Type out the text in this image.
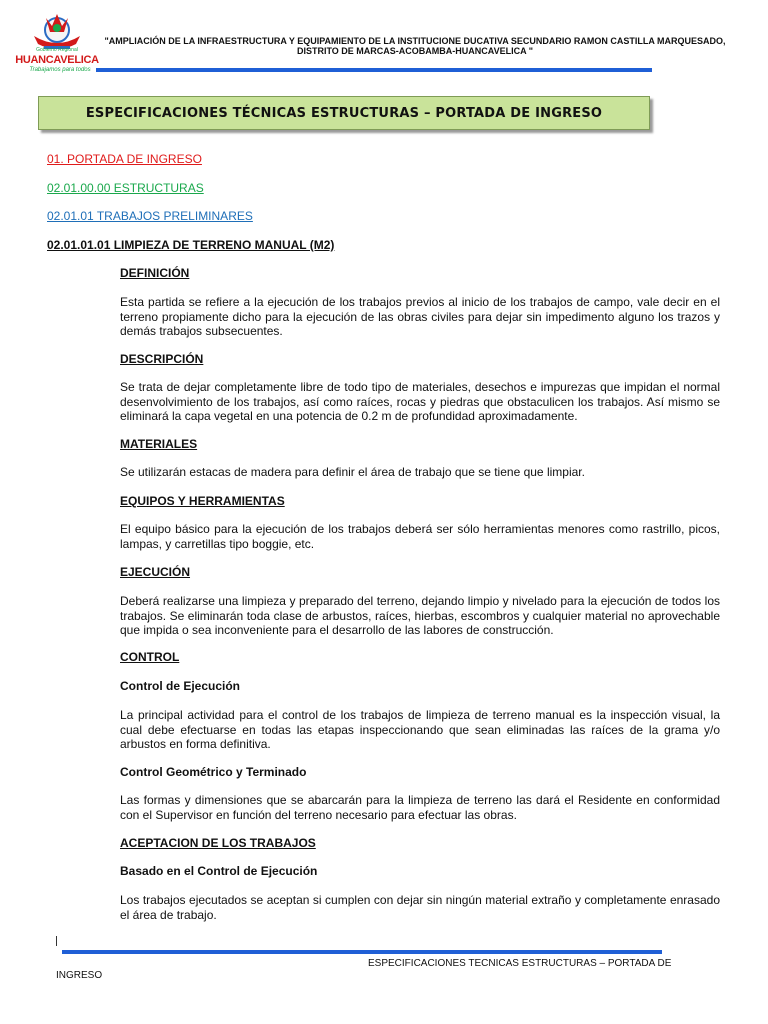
Gobierno Regional
HUANCAVELICA
Trabajamos para todos
"AMPLIACIÓN DE LA INFRAESTRUCTURA Y EQUIPAMIENTO DE LA INSTITUCIONE DUCATIVA SECUNDARIO RAMON CASTILLA MARQUESADO,
DISTRITO DE MARCAS-ACOBAMBA-HUANCAVELICA "
ESPECIFICACIONES TÉCNICAS ESTRUCTURAS – PORTADA DE INGRESO
01. PORTADA DE INGRESO
02.01.00.00 ESTRUCTURAS
02.01.01 TRABAJOS PRELIMINARES
02.01.01.01 LIMPIEZA DE TERRENO MANUAL (M2)
DEFINICIÓN
Esta partida se refiere a la ejecución de los trabajos previos al inicio de los trabajos de campo, vale decir en el terreno propiamente dicho para la ejecución de las obras civiles para dejar sin impedimento alguno los trazos y demás trabajos subsecuentes.
DESCRIPCIÓN
Se trata de dejar completamente libre de todo tipo de materiales, desechos e impurezas que impidan el normal desenvolvimiento de los trabajos, así como raíces, rocas y piedras que obstaculicen los trabajos. Así mismo se eliminará la capa vegetal en una potencia de 0.2 m de profundidad aproximadamente.
MATERIALES
Se utilizarán estacas de madera para definir el área de trabajo que se tiene que limpiar.
EQUIPOS Y HERRAMIENTAS
El equipo básico para la ejecución de los trabajos deberá ser sólo herramientas menores como rastrillo, picos, lampas, y carretillas tipo boggie, etc.
EJECUCIÓN
Deberá realizarse una limpieza y preparado del terreno, dejando limpio y nivelado para la ejecución de todos los trabajos. Se eliminarán toda clase de arbustos, raíces, hierbas, escombros y cualquier material no aprovechable que impida o sea inconveniente para el desarrollo de las labores de construcción.
CONTROL
Control de Ejecución
La principal actividad para el control de los trabajos de limpieza de terreno manual es la inspección visual, la cual debe efectuarse en todas las etapas inspeccionando que sean eliminadas las raíces de la grama y/o arbustos en forma definitiva.
Control Geométrico y Terminado
Las formas y dimensiones que se abarcarán para la limpieza de terreno las dará el Residente en conformidad con el Supervisor en función del terreno necesario para efectuar las obras.
ACEPTACION DE LOS TRABAJOS
Basado en el Control de Ejecución
Los trabajos ejecutados se aceptan si cumplen con dejar sin ningún material extraño y completamente enrasado el área de trabajo.
ESPECIFICACIONES TECNICAS ESTRUCTURAS – PORTADA DE
INGRESO
